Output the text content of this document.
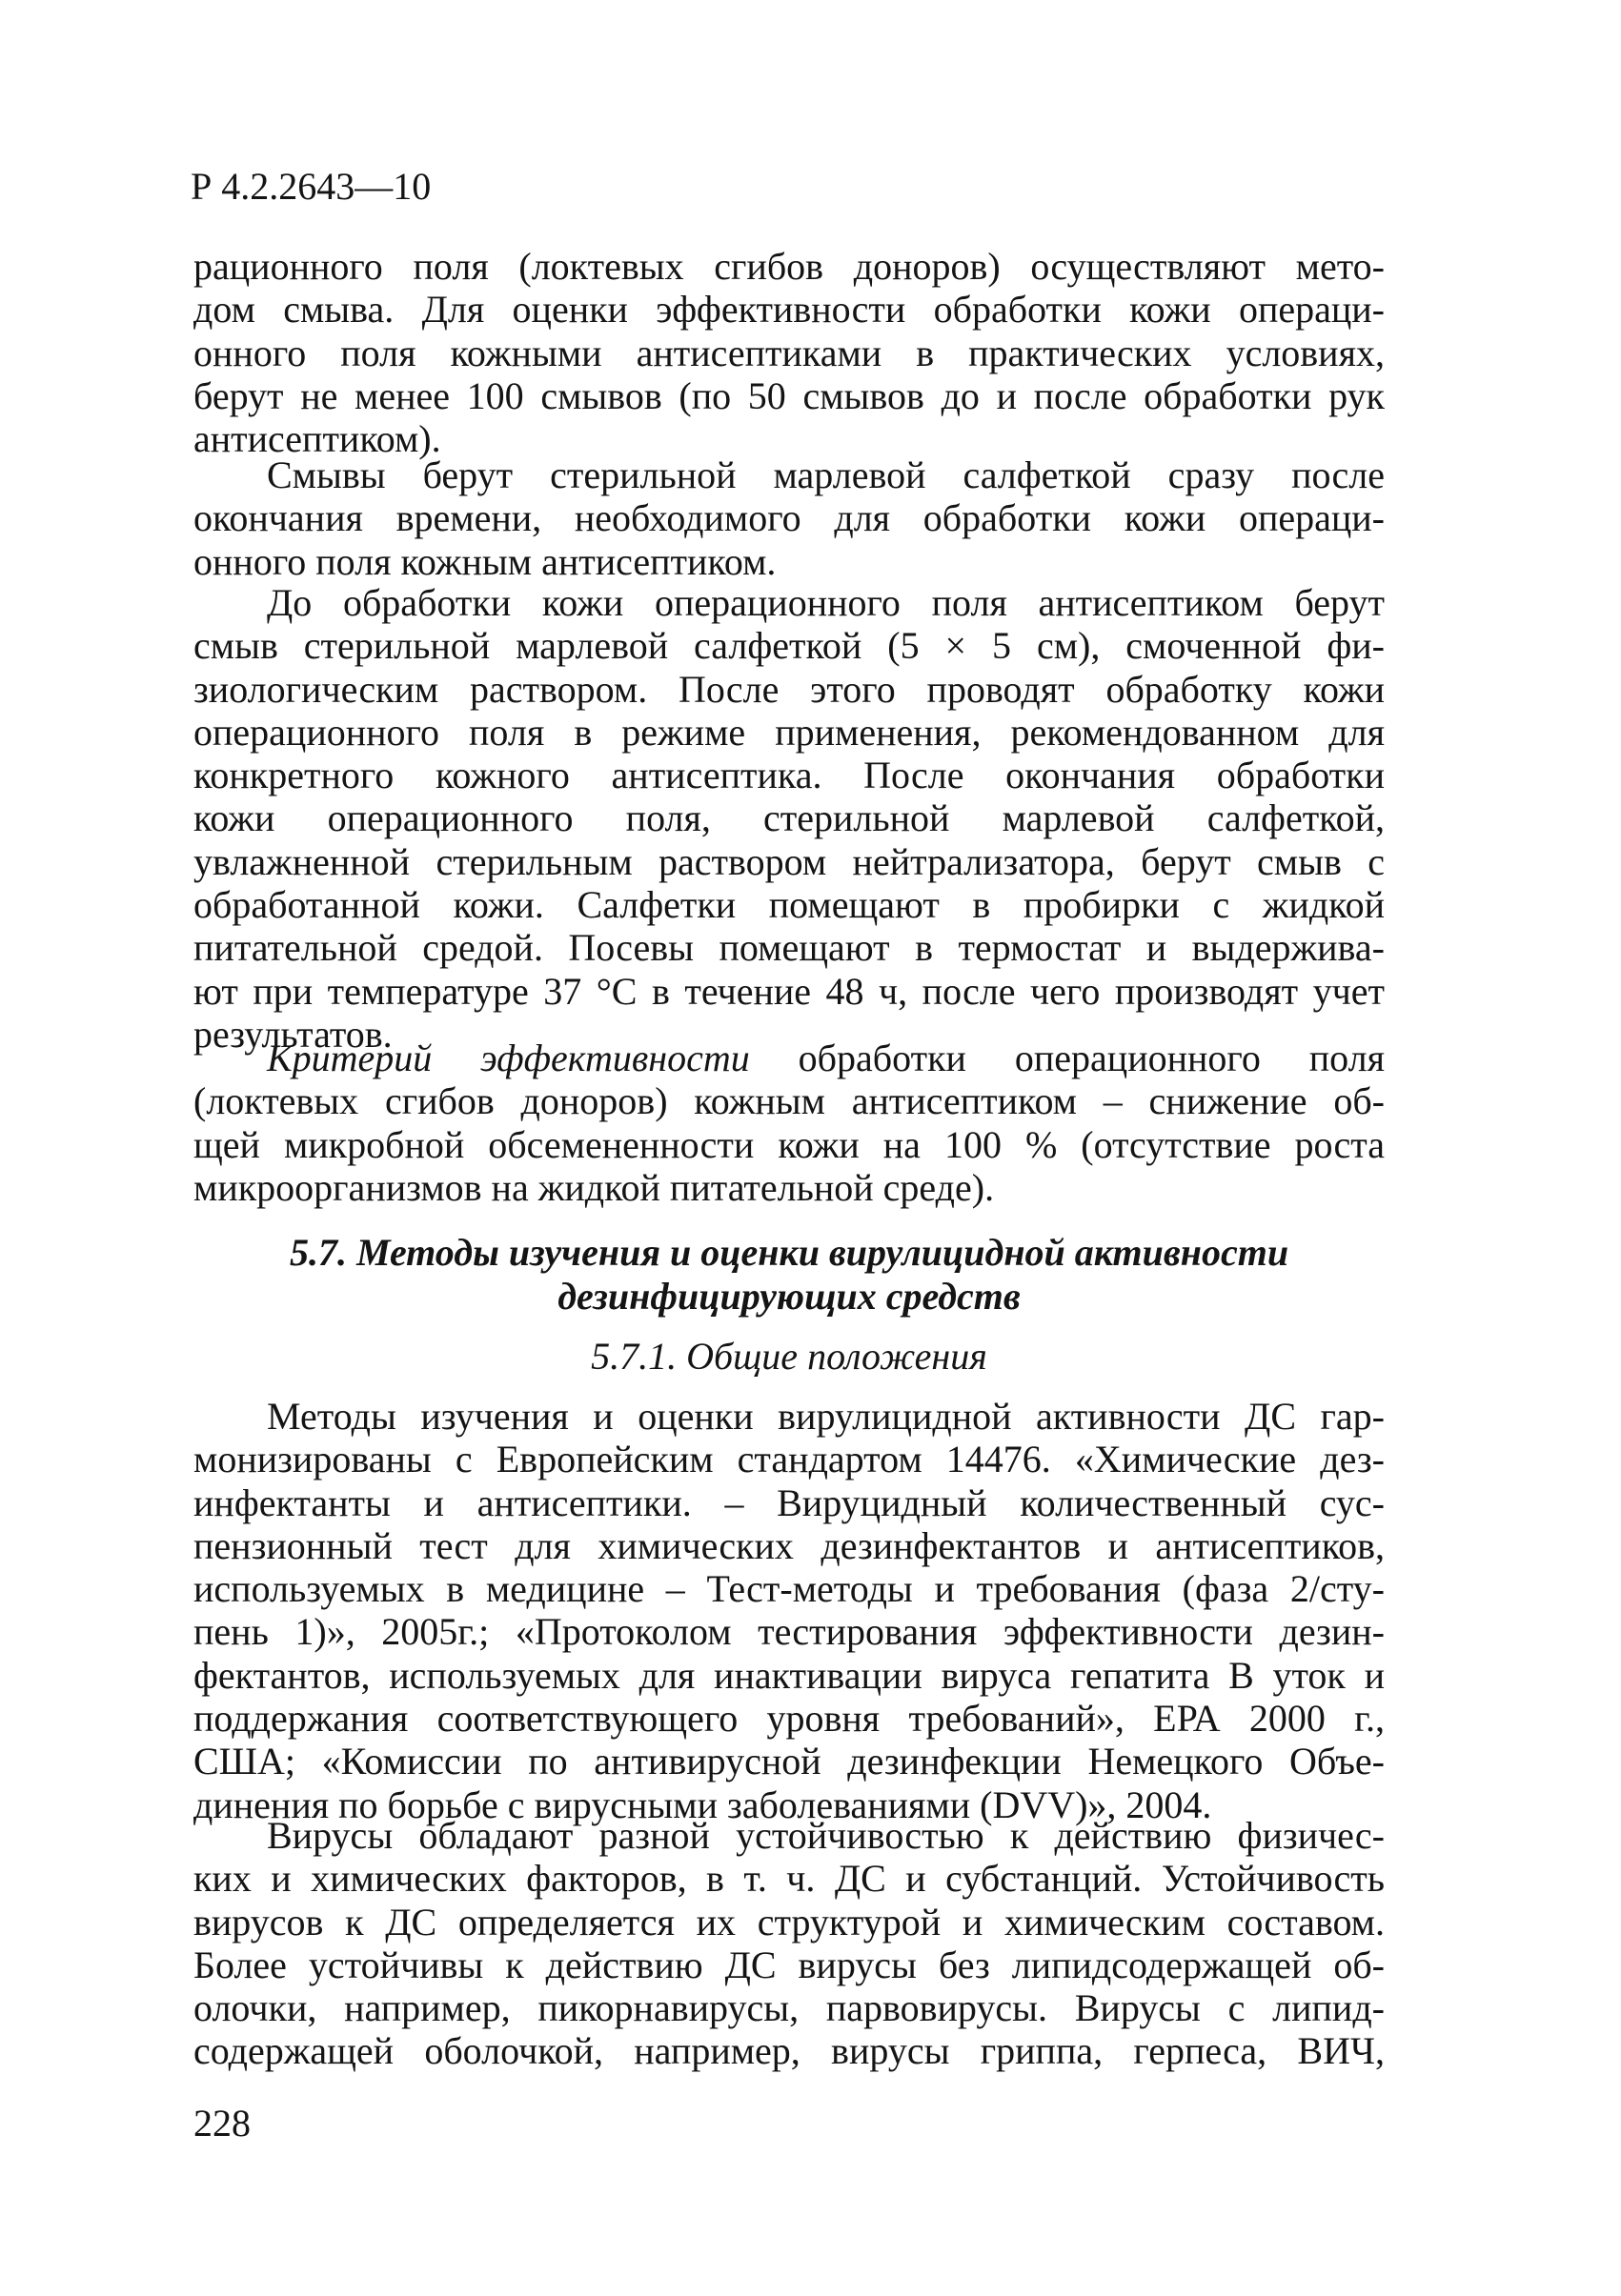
Р 4.2.2643—10
рационного поля (локтевых сгибов доноров) осуществляют мето-
дом смыва. Для оценки эффективности обработки кожи операци-
онного поля кожными антисептиками в практических условиях,
берут не менее 100 смывов (по 50 смывов до и после обработки рук
антисептиком).
Смывы берут стерильной марлевой салфеткой сразу после
окончания времени, необходимого для обработки кожи операци-
онного поля кожным антисептиком.
До обработки кожи операционного поля антисептиком берут
смыв стерильной марлевой салфеткой (5 × 5 см), смоченной фи-
зиологическим раствором. После этого проводят обработку кожи
операционного поля в режиме применения, рекомендованном для
конкретного кожного антисептика. После окончания обработки
кожи операционного поля, стерильной марлевой салфеткой,
увлажненной стерильным раствором нейтрализатора, берут смыв с
обработанной кожи. Салфетки помещают в пробирки с жидкой
питательной средой. Посевы помещают в термостат и выдержива-
ют при температуре 37 °С в течение 48 ч, после чего производят учет
результатов.
Критерий эффективности обработки операционного поля
(локтевых сгибов доноров) кожным антисептиком – снижение об-
щей микробной обсемененности кожи на 100 % (отсутствие роста
микроорганизмов на жидкой питательной среде).
5.7. Методы изучения и оценки вирулицидной активности
дезинфицирующих средств
5.7.1. Общие положения
Методы изучения и оценки вирулицидной активности ДС гар-
монизированы с Европейским стандартом 14476. «Химические дез-
инфектанты и антисептики. – Вируцидный количественный сус-
пензионный тест для химических дезинфектантов и антисептиков,
используемых в медицине – Тест-методы и требования (фаза 2/сту-
пень 1)», 2005г.; «Протоколом тестирования эффективности дезин-
фектантов, используемых для инактивации вируса гепатита В уток и
поддержания соответствующего уровня требований», ЕРА 2000 г.,
США; «Комиссии по антивирусной дезинфекции Немецкого Объе-
динения по борьбе с вирусными заболеваниями (DVV)», 2004.
Вирусы обладают разной устойчивостью к действию физичес-
ких и химических факторов, в т. ч. ДС и субстанций. Устойчивость
вирусов к ДС определяется их структурой и химическим составом.
Более устойчивы к действию ДС вирусы без липидсодержащей об-
олочки, например, пикорнавирусы, парвовирусы. Вирусы с липид-
содержащей оболочкой, например, вирусы гриппа, герпеса, ВИЧ,
228
